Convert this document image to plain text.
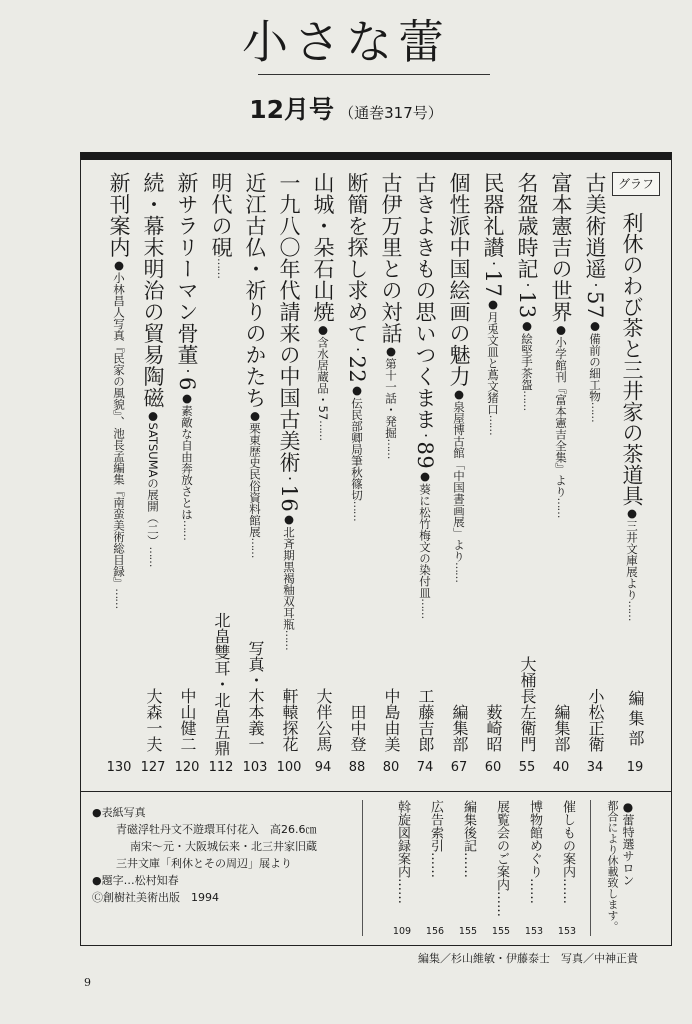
小さな蕾
12月号 （通巻317号）
グラフ
利休のわび茶と三井家の茶道具●三井文庫展より……
編集部
19
古美術逍遥・57●備前の細工物……
小松正衛
34
富本憲吉の世界●小学館刊『富本憲吉全集』より……
編集部
40
名盌歳時記・13●絵堅手茶盌……
大桶長左衛門
55
民器礼讃・17●月兎文皿と蔦文猪口……
薮崎昭
60
個性派中国絵画の魅力●泉屋博古館「中国書画展」より……
編集部
67
古きよきもの思いつくまま・89●葵に松竹梅文の染付皿……
工藤吉郎
74
古伊万里との対話●第十一話・発掘……
中島由美
80
断簡を探し求めて・22●伝民部卿局筆秋篠切……
田中登
88
山城・朵石山焼●含水居蔵品・57……
大伴公馬
94
一九八〇年代請来の中国古美術・16●北斉期黒褐釉双耳瓶……
軒轅探花
100
近江古仏・祈りのかたち●栗東歴史民俗資料館展……
写真・木本義一
103
明代の硯……
北畠雙耳・北畠五鼎
112
新サラリーマン骨董・6●素敵な自由奔放さとは……
中山健二
120
続・幕末明治の貿易陶磁●SATSUMAの展開（二）……
大森一夫
127
新刊案内●小林昌人写真『民家の風貌』、池長孟編集『南蛮美術総目録』……
130
●表紙写真
青磁浮牡丹文不遊環耳付花入　高26.6㎝
南宋〜元・大阪城伝来・北三井家旧蔵
三井文庫「利休とその周辺」展より
●題字…松村知春
Ⓒ創樹社美術出版　1994
催しもの案内……
153
博物館めぐり……
153
展覧会のご案内……
155
編集後記……
155
広告索引……
156
斡旋図録案内……
109
●蕾特選サロン
都合により休載致します。
編集／杉山維敏・伊藤泰士　写真／中神正貴
9
